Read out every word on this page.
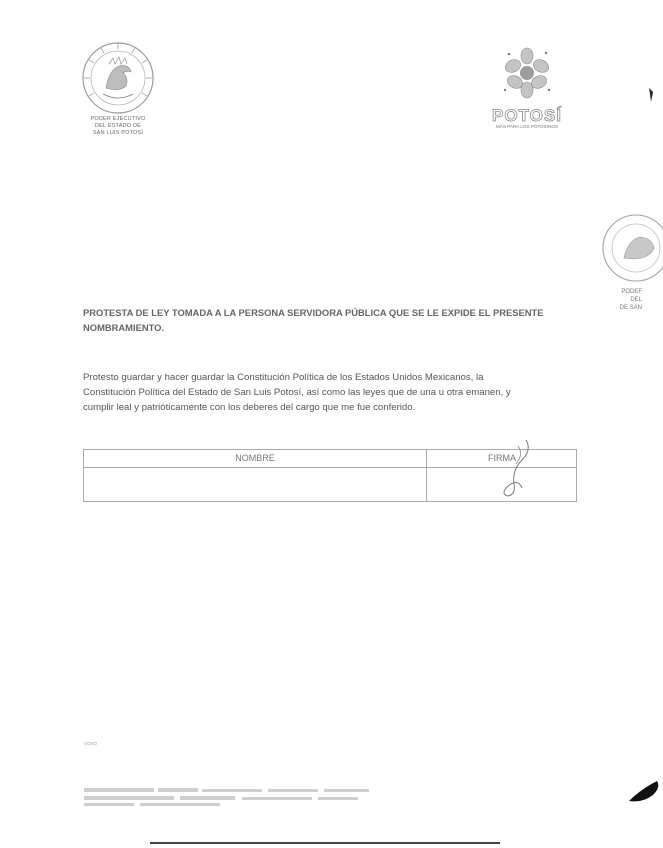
PODER EJECUTIVO
DEL ESTADO DE
SAN LUIS POTOSÍ
POTOSÍ
MÁS PARA LOS POTOSINOS
PODEF
DEL
DE SAN
PROTESTA DE LEY TOMADA A LA PERSONA SERVIDORA PÚBLICA QUE SE LE EXPIDE EL PRESENTE
NOMBRAMIENTO.
Protesto guardar y hacer guardar la Constitución Política de los Estados Unidos Mexicanos, la
Constitución Política del Estado de San Luis Potosí, así como las leyes que de una u otra emanen, y
cumplir leal y patrióticamente con los deberes del cargo que me fue conferido.
NOMBRE	FIRMA
VCNO
